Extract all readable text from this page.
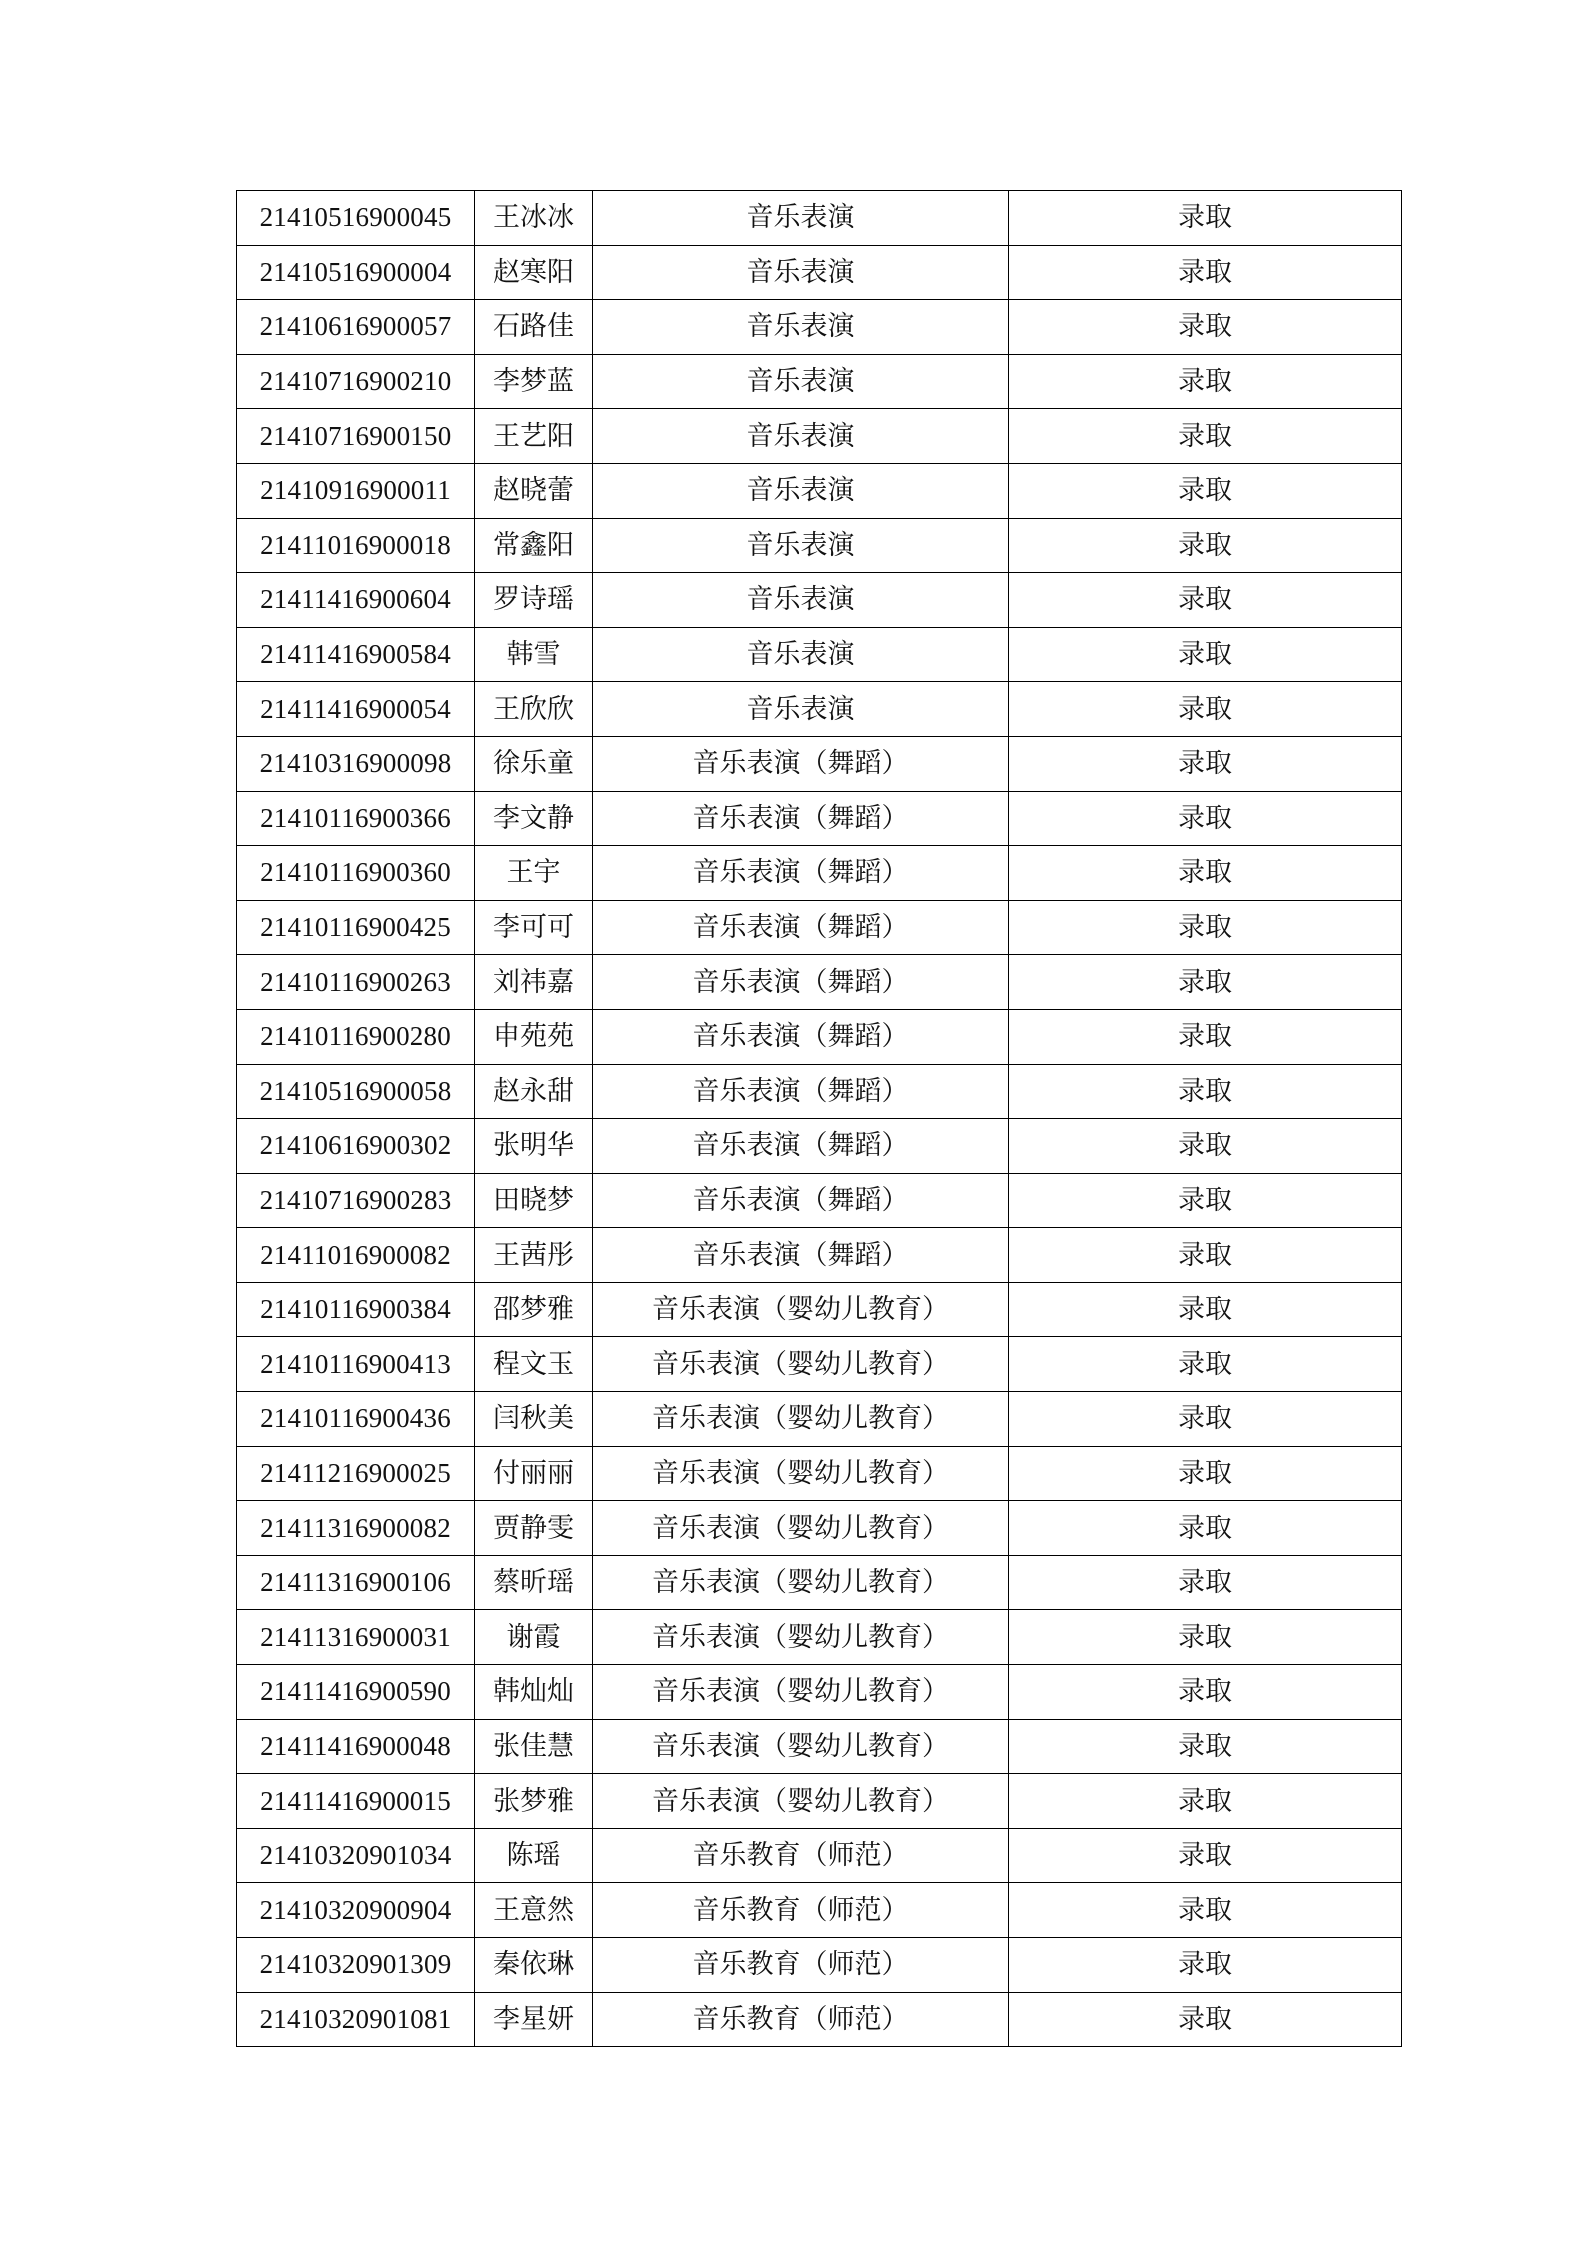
21410516900045	王冰冰	音乐表演	录取
21410516900004	赵寒阳	音乐表演	录取
21410616900057	石路佳	音乐表演	录取
21410716900210	李梦蓝	音乐表演	录取
21410716900150	王艺阳	音乐表演	录取
21410916900011	赵晓蕾	音乐表演	录取
21411016900018	常鑫阳	音乐表演	录取
21411416900604	罗诗瑶	音乐表演	录取
21411416900584	韩雪	音乐表演	录取
21411416900054	王欣欣	音乐表演	录取
21410316900098	徐乐童	音乐表演（舞蹈）	录取
21410116900366	李文静	音乐表演（舞蹈）	录取
21410116900360	王宇	音乐表演（舞蹈）	录取
21410116900425	李可可	音乐表演（舞蹈）	录取
21410116900263	刘祎嘉	音乐表演（舞蹈）	录取
21410116900280	申苑苑	音乐表演（舞蹈）	录取
21410516900058	赵永甜	音乐表演（舞蹈）	录取
21410616900302	张明华	音乐表演（舞蹈）	录取
21410716900283	田晓梦	音乐表演（舞蹈）	录取
21411016900082	王茜彤	音乐表演（舞蹈）	录取
21410116900384	邵梦雅	音乐表演（婴幼儿教育）	录取
21410116900413	程文玉	音乐表演（婴幼儿教育）	录取
21410116900436	闫秋美	音乐表演（婴幼儿教育）	录取
21411216900025	付丽丽	音乐表演（婴幼儿教育）	录取
21411316900082	贾静雯	音乐表演（婴幼儿教育）	录取
21411316900106	蔡昕瑶	音乐表演（婴幼儿教育）	录取
21411316900031	谢霞	音乐表演（婴幼儿教育）	录取
21411416900590	韩灿灿	音乐表演（婴幼儿教育）	录取
21411416900048	张佳慧	音乐表演（婴幼儿教育）	录取
21411416900015	张梦雅	音乐表演（婴幼儿教育）	录取
21410320901034	陈瑶	音乐教育（师范）	录取
21410320900904	王意然	音乐教育（师范）	录取
21410320901309	秦依琳	音乐教育（师范）	录取
21410320901081	李星妍	音乐教育（师范）	录取
